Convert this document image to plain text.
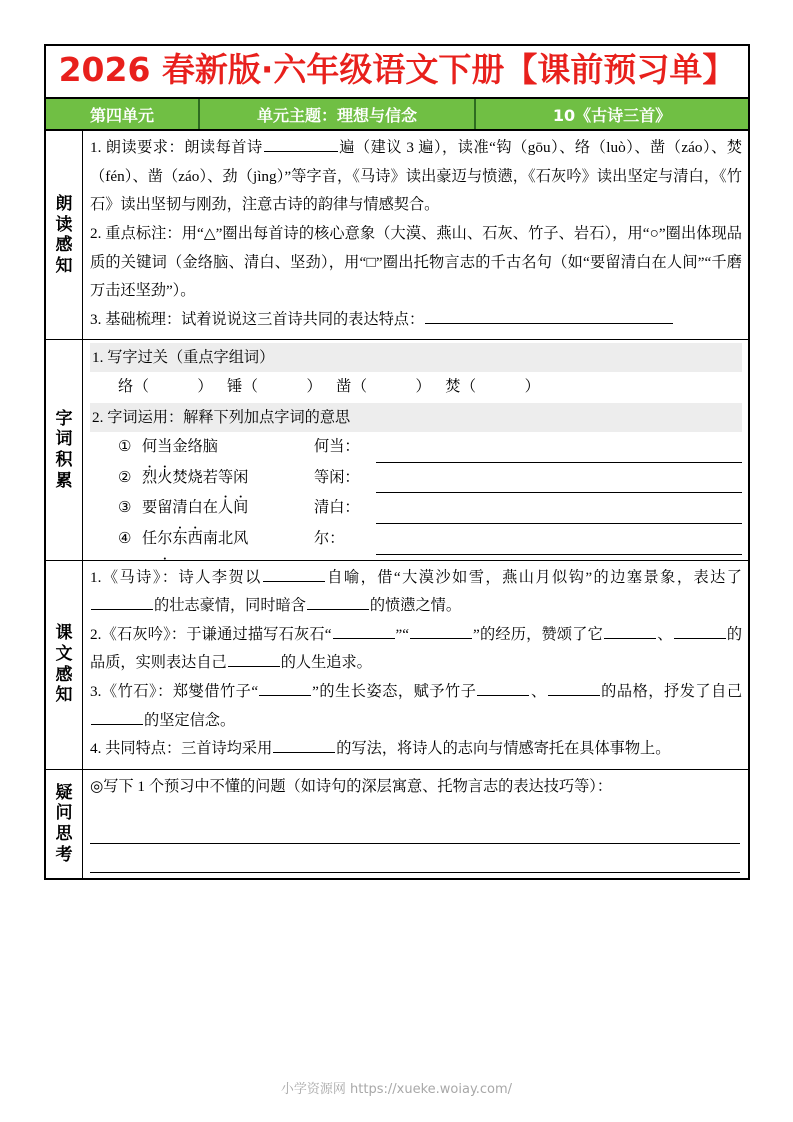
2026 春新版·六年级语文下册【课前预习单】
第四单元	单元主题：理想与信念	10《古诗三首》
朗
读
感
知
1. 朗读要求：朗读每首诗	遍（建议 3 遍），读准“钩（gōu）、络（luò）、凿（záo）、焚（fén）、凿（záo）、劲（jìng）”等字音，《马诗》读出豪迈与愤懑，《石灰吟》读出坚定与清白，《竹石》读出坚韧与刚劲，注意古诗的韵律与情感契合。
2. 重点标注：用“△”圈出每首诗的核心意象（大漠、燕山、石灰、竹子、岩石），用“○”圈出体现品质的关键词（金络脑、清白、坚劲），用“□”圈出托物言志的千古名句（如“要留清白在人间”“千磨万击还坚劲”）。
3. 基础梳理：试着说说这三首诗共同的表达特点：
字
词
积
累
1. 写字过关（重点字组词）
络（	） 锤（	） 凿（	） 焚（	）
2. 字词运用：解释下列加点字词的意思
① 何当金络脑	何当：
② 烈火焚烧若等闲	等闲：
③ 要留清白在人间	清白：
④ 任尔东西南北风	尔：
课
文
感
知
1.《马诗》：诗人李贺以	自喻，借“大漠沙如雪，燕山月似钩”的边塞景象，表达了的壮志豪情，同时暗含	的愤懑之情。
2.《石灰吟》：于谦通过描写石灰石“	”“	”的经历，赞颂了它	、	的品质，实则表达自己	的人生追求。
3.《竹石》：郑燮借竹子“	”的生长姿态，赋予竹子	、	的品格，抒发了自己的坚定信念。
4. 共同特点：三首诗均采用	的写法，将诗人的志向与情感寄托在具体事物上。
疑
问
思
考
◎写下 1 个预习中不懂的问题（如诗句的深层寓意、托物言志的表达技巧等）：
小学资源网 https://xueke.woiay.com/
